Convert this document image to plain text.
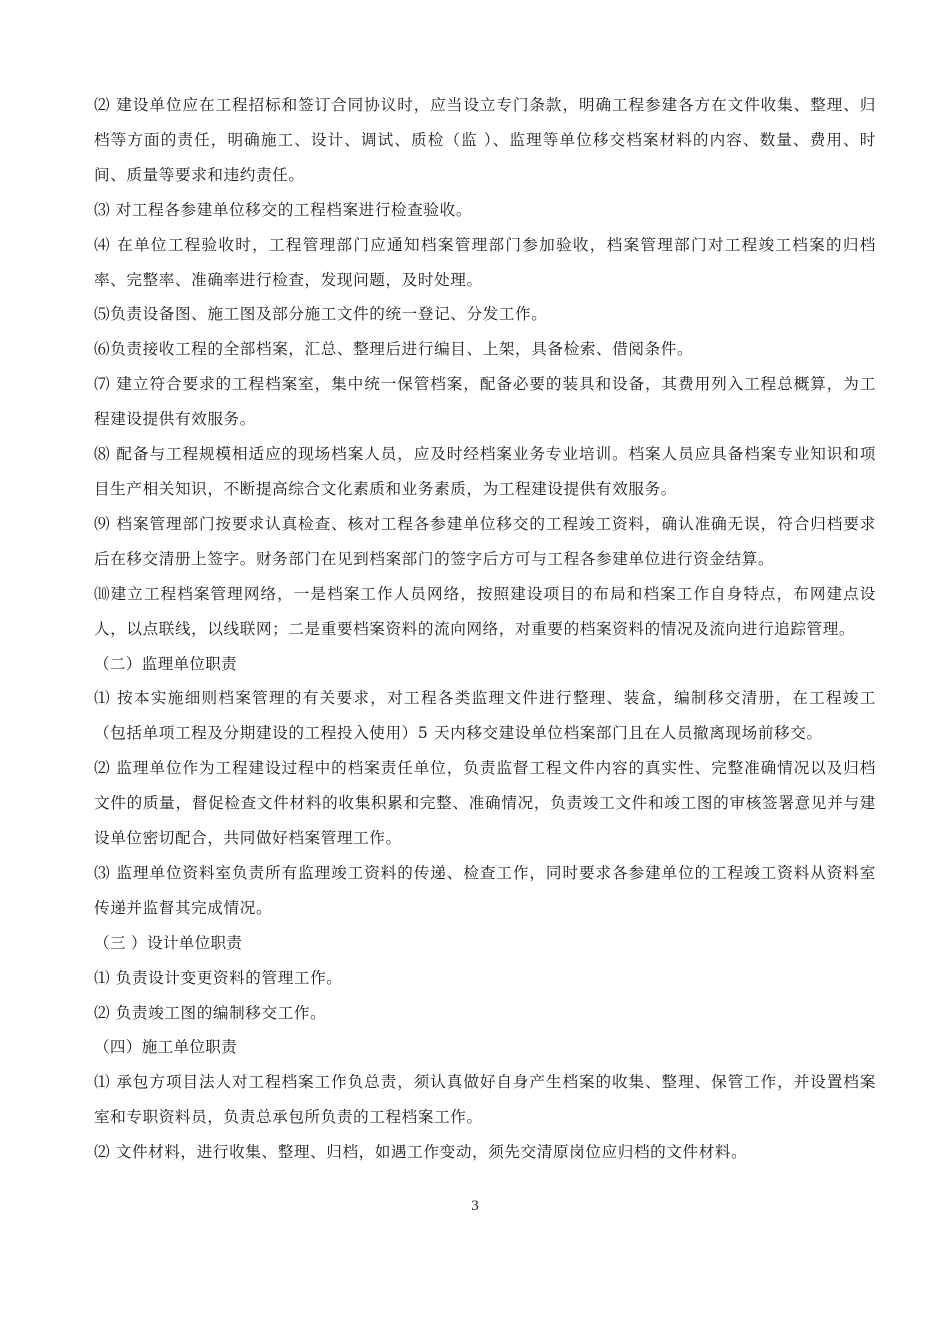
⑵ 建设单位应在工程招标和签订合同协议时，应当设立专门条款，明确工程参建各方在文件收集、整理、归档等方面的责任，明确施工、设计、调试、质检（监 ）、监理等单位移交档案材料的内容、数量、费用、时间、质量等要求和违约责任。

⑶ 对工程各参建单位移交的工程档案进行检查验收。

⑷ 在单位工程验收时，工程管理部门应通知档案管理部门参加验收，档案管理部门对工程竣工档案的归档率、完整率、准确率进行检查，发现问题，及时处理。

⑸负责设备图、施工图及部分施工文件的统一登记、分发工作。

⑹负责接收工程的全部档案，汇总、整理后进行编目、上架，具备检索、借阅条件。

⑺ 建立符合要求的工程档案室，集中统一保管档案，配备必要的装具和设备，其费用列入工程总概算，为工程建设提供有效服务。

⑻ 配备与工程规模相适应的现场档案人员，应及时经档案业务专业培训。档案人员应具备档案专业知识和项目生产相关知识，不断提高综合文化素质和业务素质，为工程建设提供有效服务。

⑼ 档案管理部门按要求认真检查、核对工程各参建单位移交的工程竣工资料，确认准确无误，符合归档要求后在移交清册上签字。财务部门在见到档案部门的签字后方可与工程各参建单位进行资金结算。

⑽建立工程档案管理网络，一是档案工作人员网络，按照建设项目的布局和档案工作自身特点，布网建点设人，以点联线，以线联网；二是重要档案资料的流向网络，对重要的档案资料的情况及流向进行追踪管理。

（二）监理单位职责

⑴ 按本实施细则档案管理的有关要求，对工程各类监理文件进行整理、装盒，编制移交清册，在工程竣工（包括单项工程及分期建设的工程投入使用）5 天内移交建设单位档案部门且在人员撤离现场前移交。

⑵ 监理单位作为工程建设过程中的档案责任单位，负责监督工程文件内容的真实性、完整准确情况以及归档文件的质量，督促检查文件材料的收集积累和完整、准确情况，负责竣工文件和竣工图的审核签署意见并与建设单位密切配合，共同做好档案管理工作。

⑶ 监理单位资料室负责所有监理竣工资料的传递、检查工作，同时要求各参建单位的工程竣工资料从资料室传递并监督其完成情况。

（三 ）设计单位职责

⑴ 负责设计变更资料的管理工作。

⑵ 负责竣工图的编制移交工作。

（四）施工单位职责

⑴ 承包方项目法人对工程档案工作负总责，须认真做好自身产生档案的收集、整理、保管工作，并设置档案室和专职资料员，负责总承包所负责的工程档案工作。

⑵ 文件材料，进行收集、整理、归档，如遇工作变动，须先交清原岗位应归档的文件材料。

3
